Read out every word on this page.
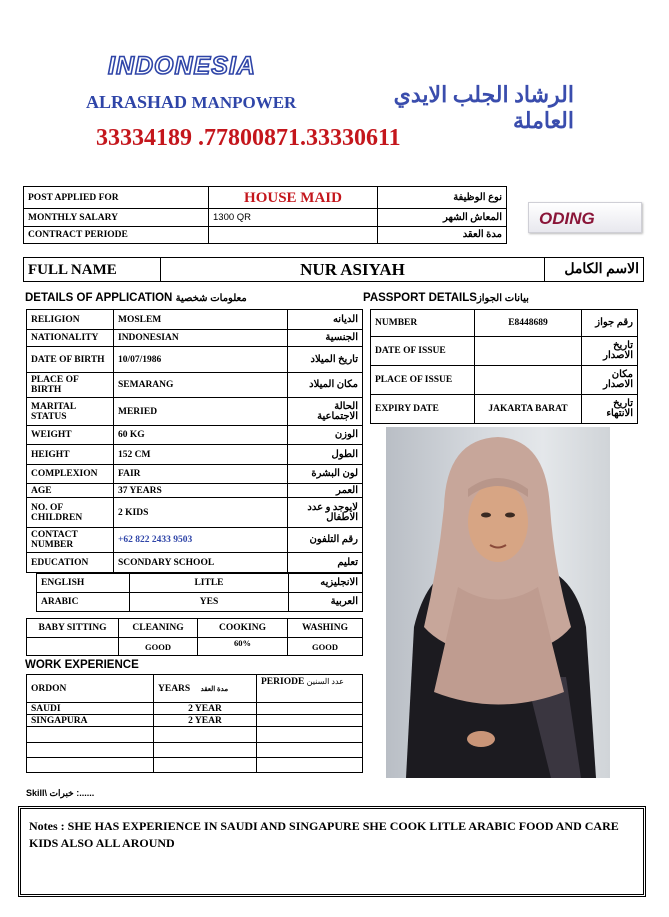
INDONESIA
ALRASHAD MANPOWER	الرشاد الجلب الايدي العاملة
33334189 .77800871.33330611
POST APPLIED FOR	HOUSE MAID	نوع الوظيفة
MONTHLY SALARY	1300 QR	المعاش الشهر
CONTRACT PERIODE		مدة العقد
ODING
FULL NAME	NUR ASIYAH	الاسم الكامل
DETAILS OF APPLICATION معلومات شخصية	PASSPORT DETAILSبيانات الجواز
RELIGION	MOSLEM	الديانه
NATIONALITY	INDONESIAN	الجنسية
DATE OF BIRTH	10/07/1986	تاريخ الميلاد
PLACE OF BIRTH	SEMARANG	مكان الميلاد
MARITAL STATUS	MERIED	الحالة الاجتماعية
WEIGHT	60 KG	الوزن
HEIGHT	152 CM	الطول
COMPLEXION	FAIR	لون البشرة
AGE	37 YEARS	العمر
NO. OF CHILDREN	2 KIDS	لايوجد و عدد الاطفال
CONTACT NUMBER	+62 822 2433 9503	رقم التلفون
EDUCATION	SCONDARY SCHOOL	تعليم
ENGLISH	LITLE	الانجليزيه
ARABIC	YES	العربية
BABY SITTING	CLEANING	COOKING	WASHING
	GOOD	60%	GOOD
WORK EXPERIENCE
ORDON	YEARS مدة العقد	PERIODE عدد السنين
SAUDI	2 YEAR	
SINGAPURA	2 YEAR	

NUMBER	E8448689	رقم جواز
DATE OF ISSUE		تاريخ الاصدار
PLACE OF ISSUE		مكان الاصدار
EXPIRY DATE	JAKARTA BARAT	تاريخ الانتهاء
Skill\ خبرات :......
Notes : SHE HAS EXPERIENCE IN SAUDI AND SINGAPURE SHE COOK LITLE ARABIC FOOD AND CARE KIDS ALSO ALL AROUND
